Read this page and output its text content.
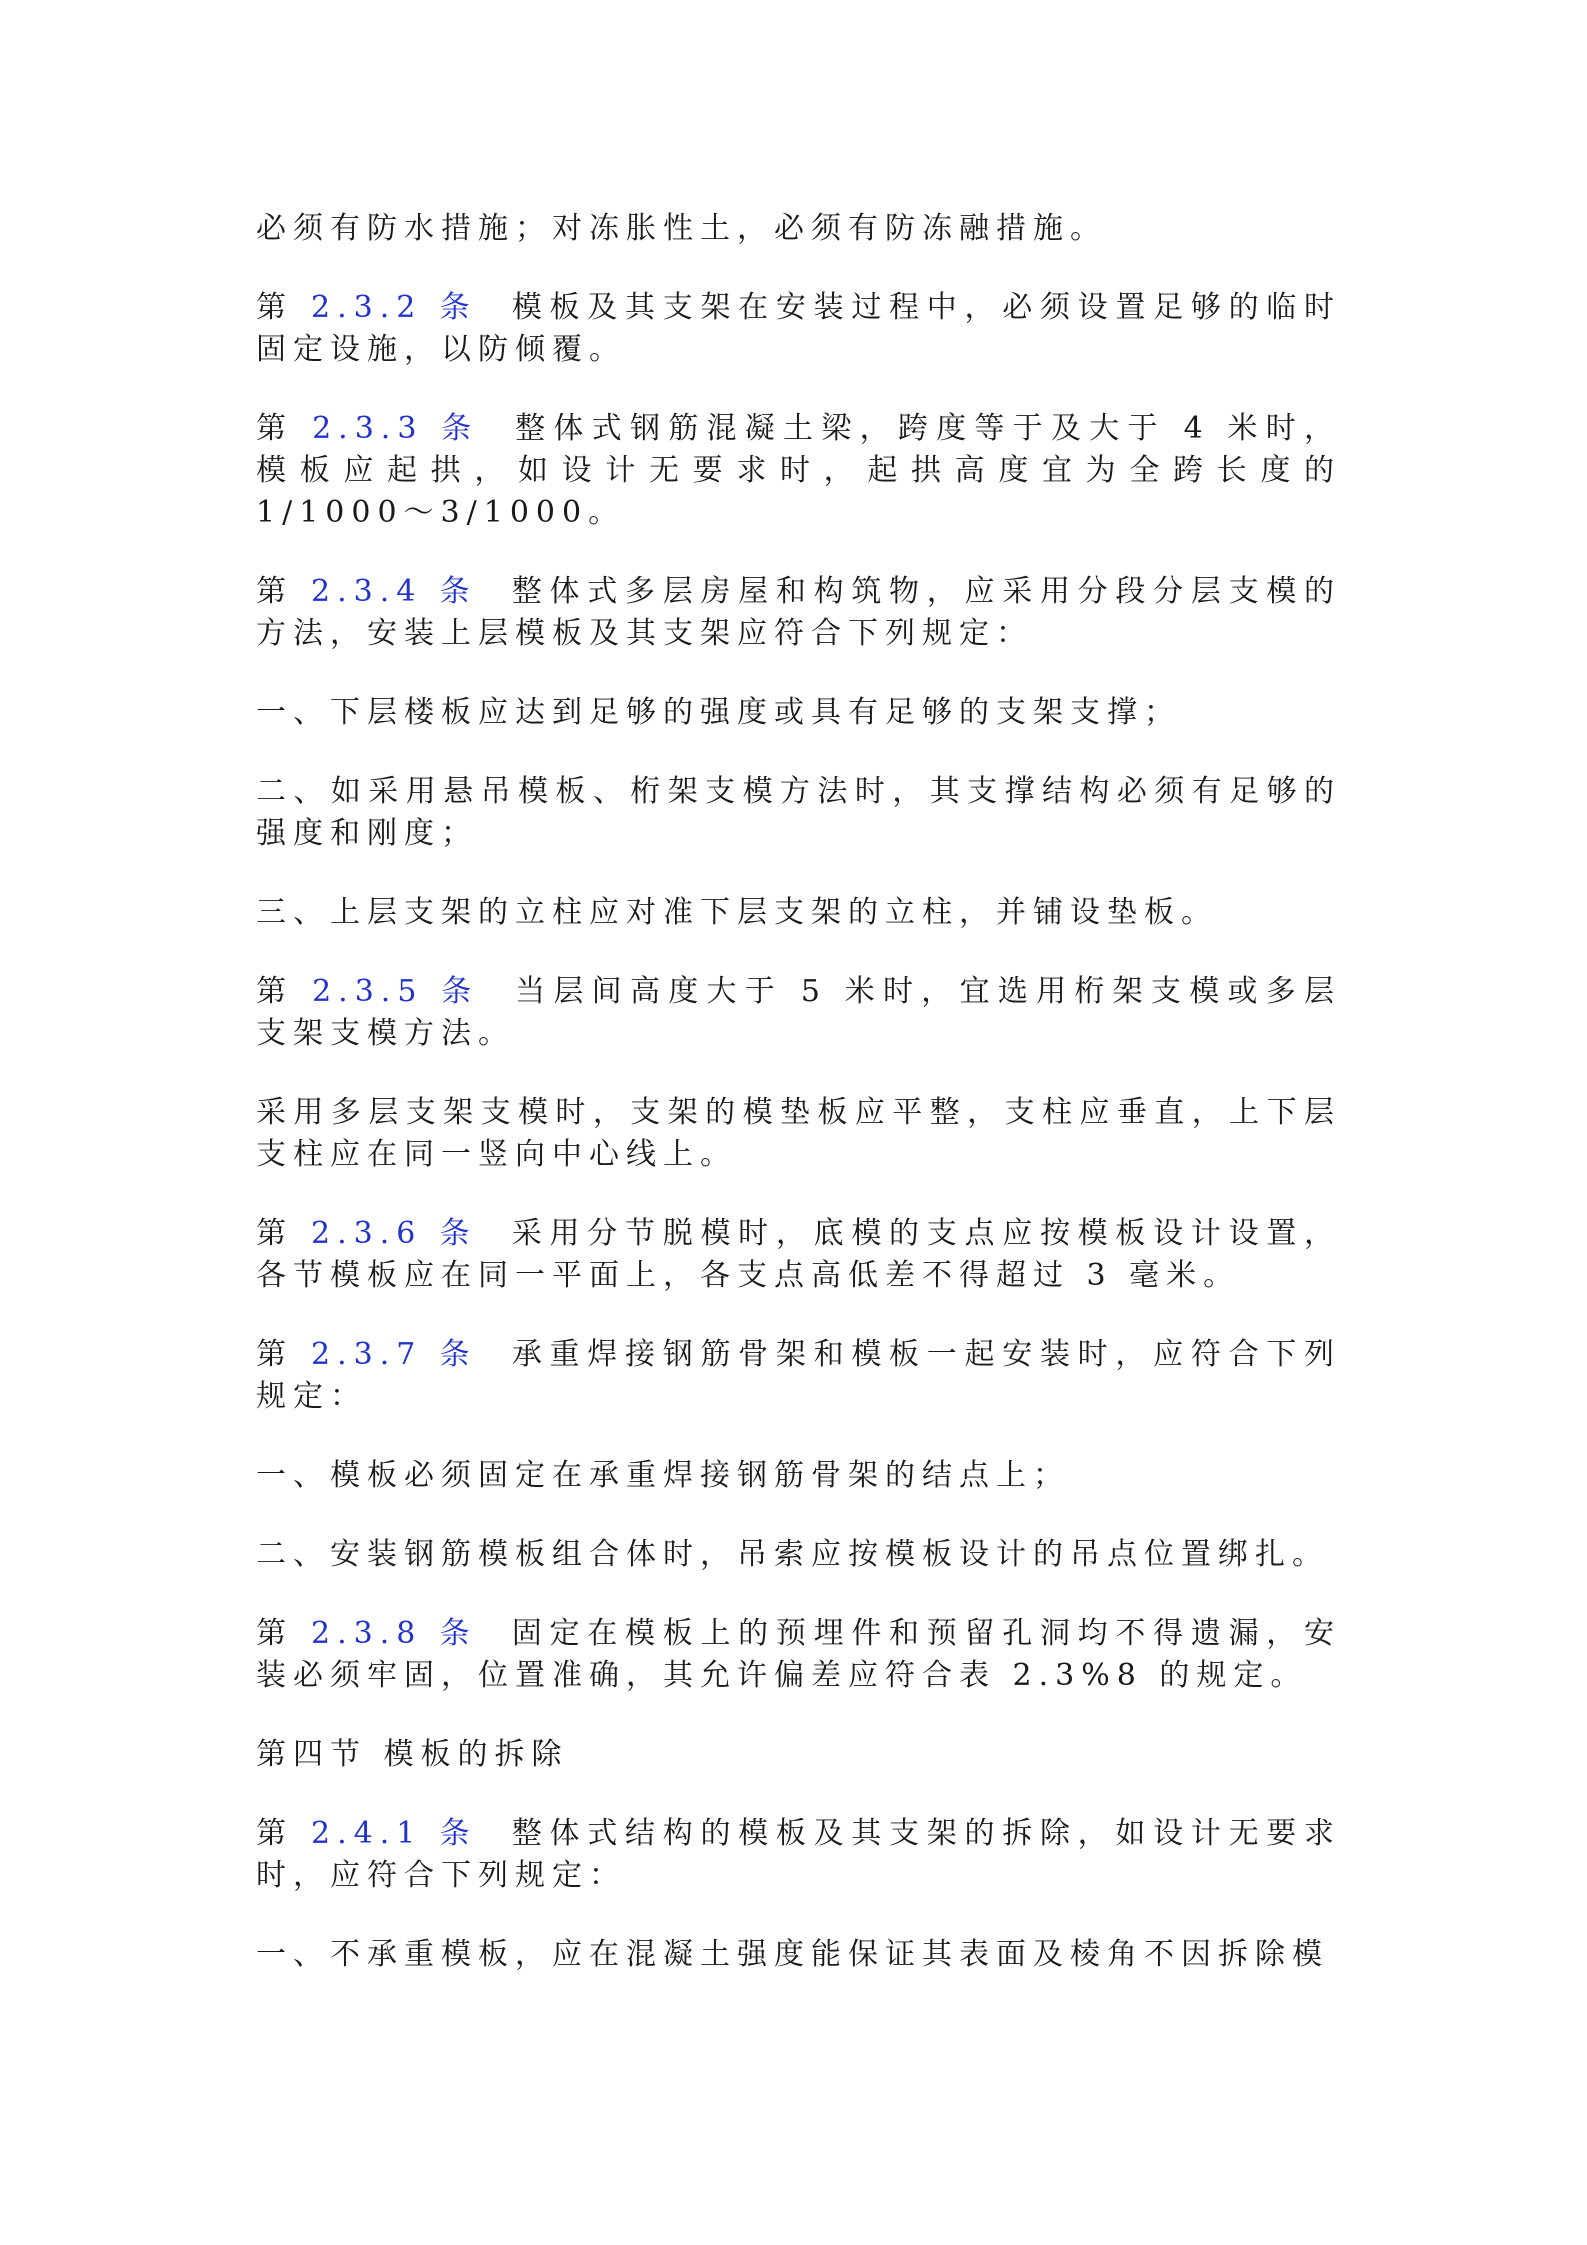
必须有防水措施；对冻胀性土，必须有防冻融措施。

第 2.3.2 条  模板及其支架在安装过程中，必须设置足够的临时固定设施，以防倾覆。

第 2.3.3 条  整体式钢筋混凝土梁，跨度等于及大于 4 米时，模板应起拱，如设计无要求时，起拱高度宜为全跨长度的 1/1000～3/1000。

第 2.3.4 条  整体式多层房屋和构筑物，应采用分段分层支模的方法，安装上层模板及其支架应符合下列规定：

一、下层楼板应达到足够的强度或具有足够的支架支撑；

二、如采用悬吊模板、桁架支模方法时，其支撑结构必须有足够的强度和刚度；

三、上层支架的立柱应对准下层支架的立柱，并铺设垫板。

第 2.3.5 条  当层间高度大于 5 米时，宜选用桁架支模或多层支架支模方法。

采用多层支架支模时，支架的模垫板应平整，支柱应垂直，上下层支柱应在同一竖向中心线上。

第 2.3.6 条  采用分节脱模时，底模的支点应按模板设计设置，各节模板应在同一平面上，各支点高低差不得超过 3 毫米。

第 2.3.7 条  承重焊接钢筋骨架和模板一起安装时，应符合下列规定：

一、模板必须固定在承重焊接钢筋骨架的结点上；

二、安装钢筋模板组合体时，吊索应按模板设计的吊点位置绑扎。

第 2.3.8 条  固定在模板上的预埋件和预留孔洞均不得遗漏，安装必须牢固，位置准确，其允许偏差应符合表 2.3%8 的规定。

第四节 模板的拆除

第 2.4.1 条  整体式结构的模板及其支架的拆除，如设计无要求时，应符合下列规定：

一、不承重模板，应在混凝土强度能保证其表面及棱角不因拆除模
